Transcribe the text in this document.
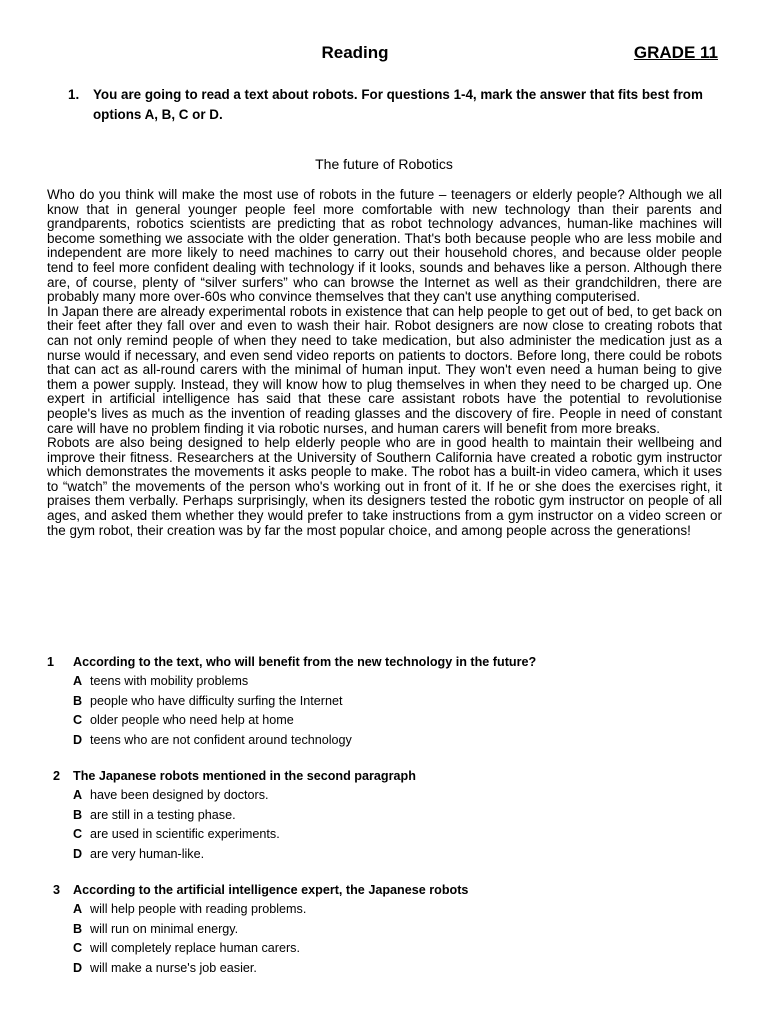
Reading	GRADE 11
1. You are going to read a text about robots. For questions 1-4, mark the answer that fits best from options A, B, C or D.
The future of Robotics

Who do you think will make the most use of robots in the future – teenagers or elderly people? Although we all know that in general younger people feel more comfortable with new technology than their parents and grandparents, robotics scientists are predicting that as robot technology advances, human-like machines will become something we associate with the older generation. That's both because people who are less mobile and independent are more likely to need machines to carry out their household chores, and because older people tend to feel more confident dealing with technology if it looks, sounds and behaves like a person. Although there are, of course, plenty of “silver surfers” who can browse the Internet as well as their grandchildren, there are probably many more over-60s who convince themselves that they can't use anything computerised.

In Japan there are already experimental robots in existence that can help people to get out of bed, to get back on their feet after they fall over and even to wash their hair. Robot designers are now close to creating robots that can not only remind people of when they need to take medication, but also administer the medication just as a nurse would if necessary, and even send video reports on patients to doctors. Before long, there could be robots that can act as all-round carers with the minimal of human input. They won't even need a human being to give them a power supply. Instead, they will know how to plug themselves in when they need to be charged up. One expert in artificial intelligence has said that these care assistant robots have the potential to revolutionise people's lives as much as the invention of reading glasses and the discovery of fire. People in need of constant care will have no problem finding it via robotic nurses, and human carers will benefit from more breaks.

Robots are also being designed to help elderly people who are in good health to maintain their wellbeing and improve their fitness. Researchers at the University of Southern California have created a robotic gym instructor which demonstrates the movements it asks people to make. The robot has a built-in video camera, which it uses to “watch” the movements of the person who's working out in front of it. If he or she does the exercises right, it praises them verbally. Perhaps surprisingly, when its designers tested the robotic gym instructor on people of all ages, and asked them whether they would prefer to take instructions from a gym instructor on a video screen or the gym robot, their creation was by far the most popular choice, and among people across the generations!

1 According to the text, who will benefit from the new technology in the future?
A teens with mobility problems
B people who have difficulty surfing the Internet
C older people who need help at home
D teens who are not confident around technology
2 The Japanese robots mentioned in the second paragraph
A have been designed by doctors.
B are still in a testing phase.
C are used in scientific experiments.
D are very human-like.
3 According to the artificial intelligence expert, the Japanese robots
A will help people with reading problems.
B will run on minimal energy.
C will completely replace human carers.
D will make a nurse's job easier.
